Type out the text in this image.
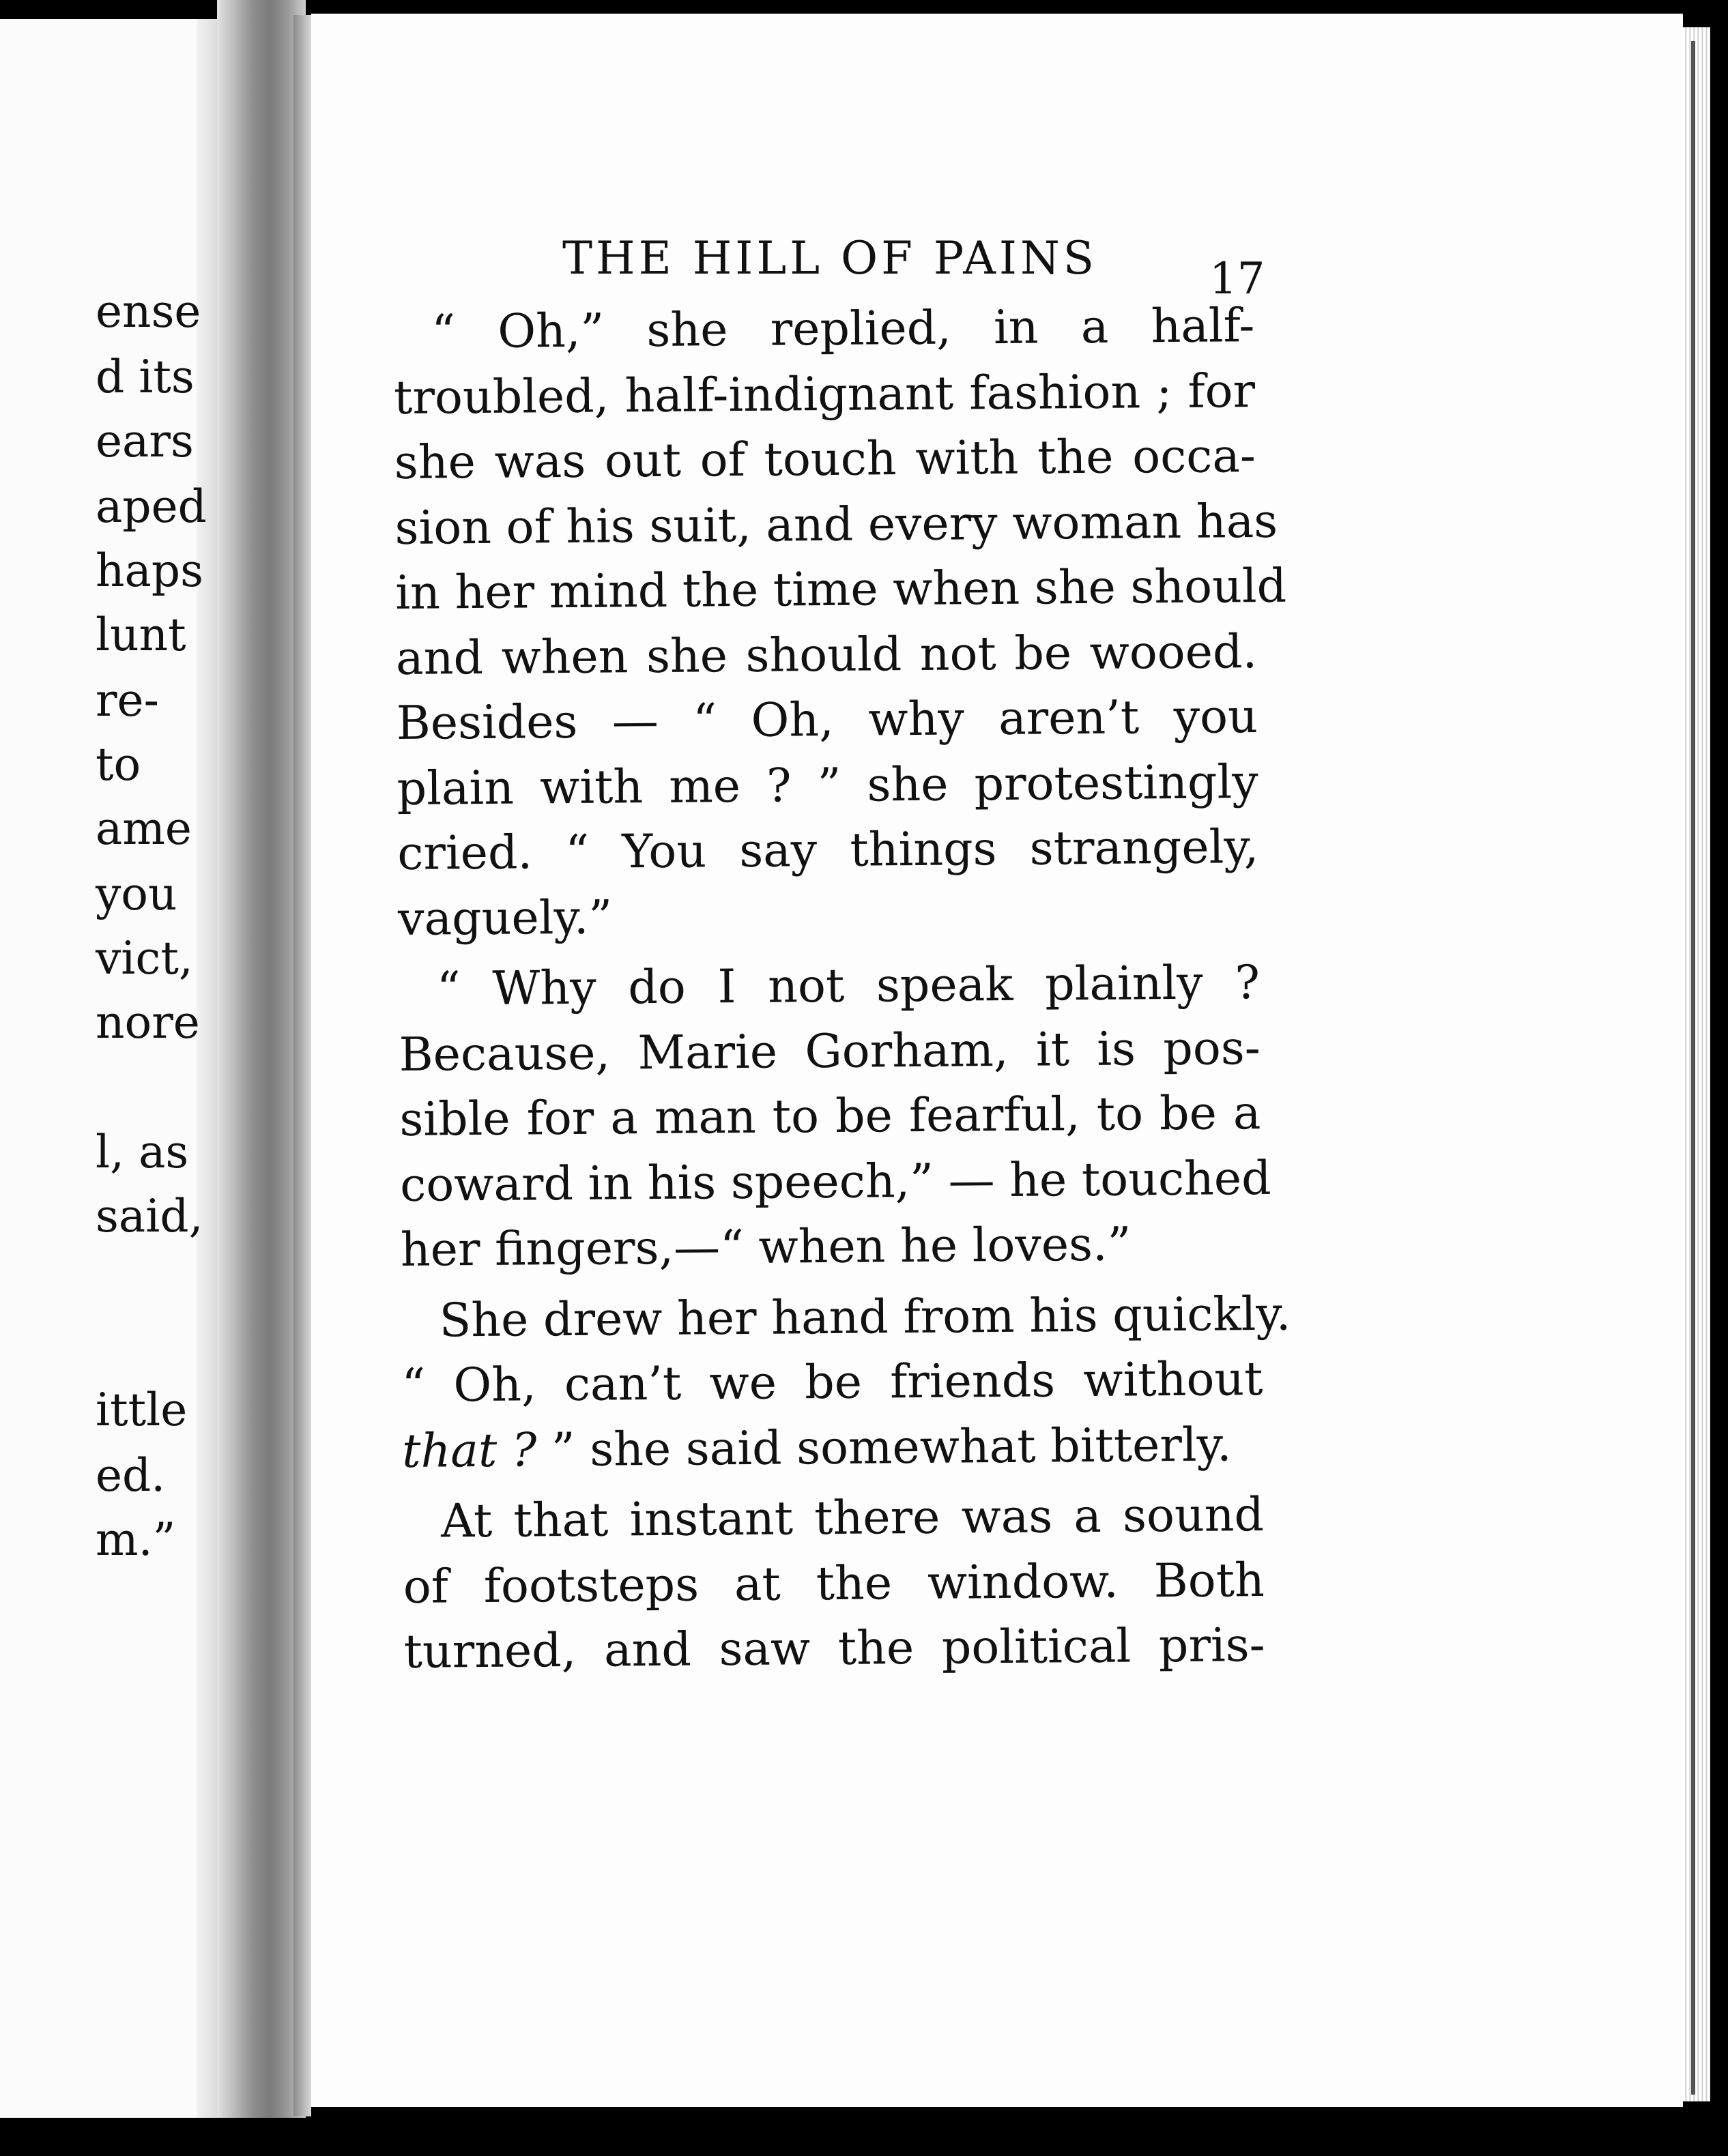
ense
d its
ears
aped
haps
lunt
re-
to
ame
you
vict,
nore
l, as
said,
ittle
ed.
m.”
THE HILL OF PAINS	17
“ Oh,” she replied, in a half-
troubled, half-indignant fashion ; for
she was out of touch with the occa-
sion of his suit, and every woman has
in her mind the time when she should
and when she should not be wooed.
Besides — “ Oh, why aren’t you
plain with me ? ” she protestingly
cried. “ You say things strangely,
vaguely.”
“ Why do I not speak plainly ?
Because, Marie Gorham, it is pos-
sible for a man to be fearful, to be a
coward in his speech,” — he touched
her fingers,—“ when he loves.”
She drew her hand from his quickly.
“ Oh, can’t we be friends without
that ? ” she said somewhat bitterly.
At that instant there was a sound
of footsteps at the window. Both
turned, and saw the political pris-
